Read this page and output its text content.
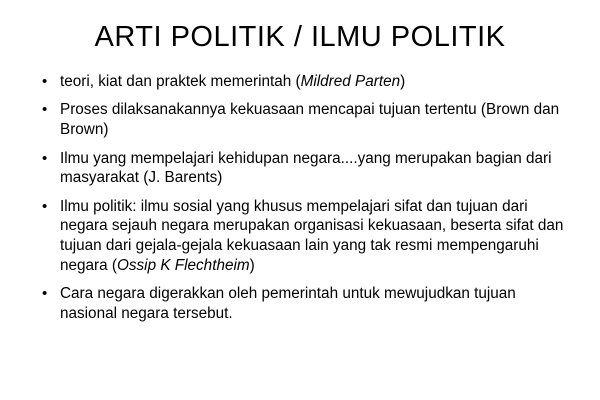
ARTI POLITIK / ILMU POLITIK
• teori, kiat dan praktek memerintah (Mildred Parten)
• Proses dilaksanakannya kekuasaan mencapai tujuan tertentu (Brown dan Brown)
• Ilmu yang mempelajari kehidupan negara....yang merupakan bagian dari masyarakat (J. Barents)
• Ilmu politik: ilmu sosial yang khusus mempelajari sifat dan tujuan dari negara sejauh negara merupakan organisasi kekuasaan, beserta sifat dan tujuan dari gejala-gejala kekuasaan lain yang tak resmi mempengaruhi negara (Ossip K Flechtheim)
• Cara negara digerakkan oleh pemerintah untuk mewujudkan tujuan nasional negara tersebut.
